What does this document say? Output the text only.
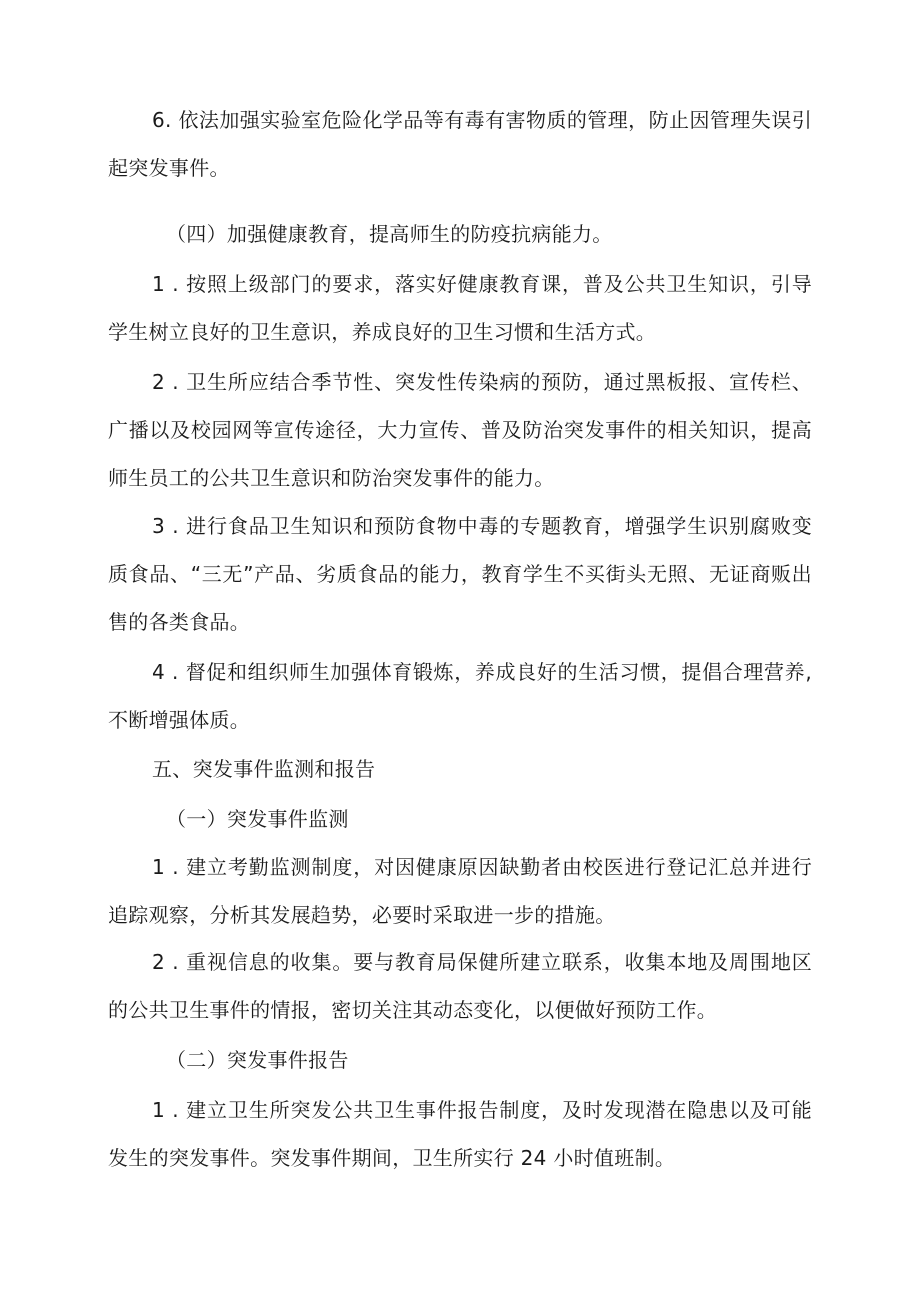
6. 依法加强实验室危险化学品等有毒有害物质的管理，防止因管理失误引起突发事件。

（四）加强健康教育，提高师生的防疫抗病能力。

1 . 按照上级部门的要求，落实好健康教育课，普及公共卫生知识，引导学生树立良好的卫生意识，养成良好的卫生习惯和生活方式。

2 . 卫生所应结合季节性、突发性传染病的预防，通过黑板报、宣传栏、广播以及校园网等宣传途径，大力宣传、普及防治突发事件的相关知识，提高师生员工的公共卫生意识和防治突发事件的能力。

3 . 进行食品卫生知识和预防食物中毒的专题教育，增强学生识别腐败变质食品、“三无”产品、劣质食品的能力，教育学生不买街头无照、无证商贩出售的各类食品。

4 . 督促和组织师生加强体育锻炼，养成良好的生活习惯，提倡合理营养, 不断增强体质。

五、突发事件监测和报告

（一）突发事件监测

1 . 建立考勤监测制度，对因健康原因缺勤者由校医进行登记汇总并进行追踪观察，分析其发展趋势，必要时采取进一步的措施。

2 . 重视信息的收集。要与教育局保健所建立联系，收集本地及周围地区的公共卫生事件的情报，密切关注其动态变化，以便做好预防工作。

（二）突发事件报告

1 . 建立卫生所突发公共卫生事件报告制度，及时发现潜在隐患以及可能发生的突发事件。突发事件期间，卫生所实行 24 小时值班制。
